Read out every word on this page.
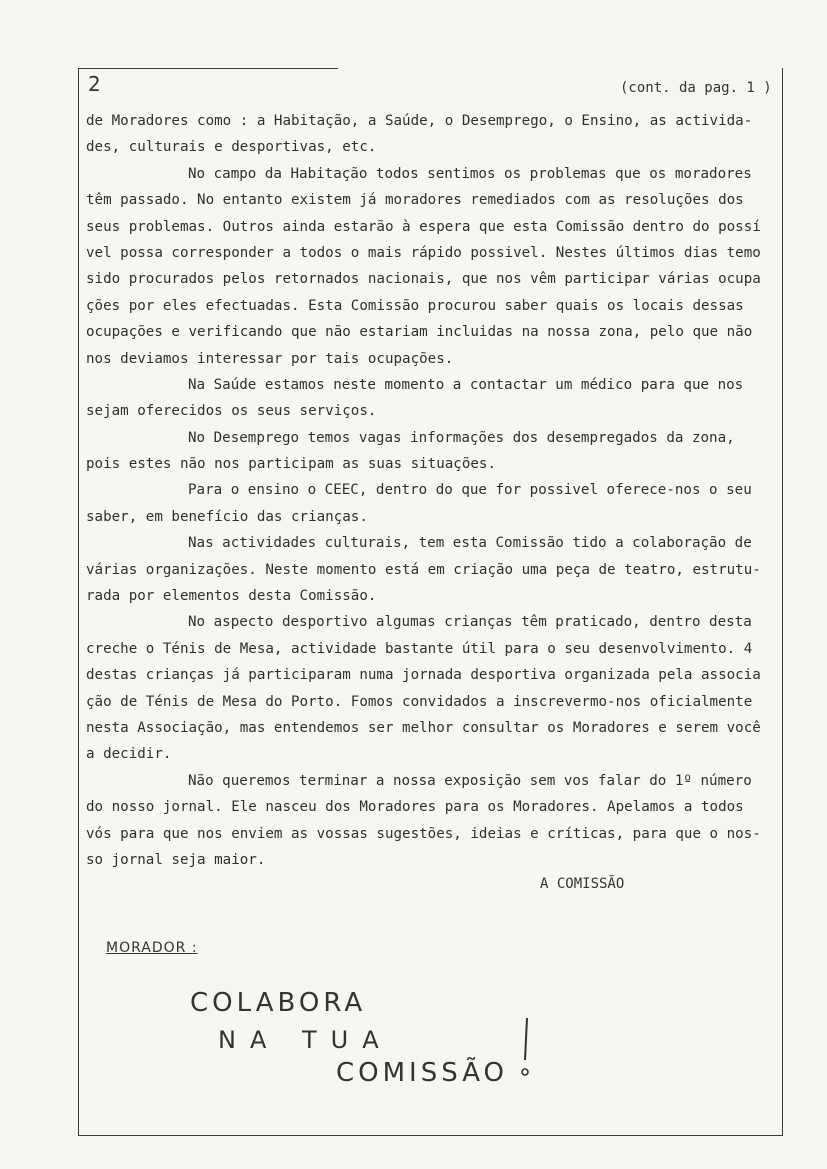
2	(cont. da pag. 1 )
de Moradores como : a Habitação, a Saúde, o Desemprego, o Ensino, as activida-
des, culturais e desportivas, etc.
No campo da Habitação todos sentimos os problemas que os moradores
têm passado. No entanto existem já moradores remediados com as resoluções dos
seus problemas. Outros ainda estarão à espera que esta Comissão dentro do possí
vel possa corresponder a todos o mais rápido possivel. Nestes últimos dias temo
sido procurados pelos retornados nacionais, que nos vêm participar várias ocupa
ções por eles efectuadas. Esta Comissão procurou saber quais os locais dessas
ocupações e verificando que não estariam incluidas na nossa zona, pelo que não
nos deviamos interessar por tais ocupações.
Na Saúde estamos neste momento a contactar um médico para que nos
sejam oferecidos os seus serviços.
No Desemprego temos vagas informações dos desempregados da zona,
pois estes não nos participam as suas situações.
Para o ensino o CEEC, dentro do que for possivel oferece-nos o seu
saber, em benefício das crianças.
Nas actividades culturais, tem esta Comissão tido a colaboração de
várias organizações. Neste momento está em criação uma peça de teatro, estrutu-
rada por elementos desta Comissão.
No aspecto desportivo algumas crianças têm praticado, dentro desta
creche o Ténis de Mesa, actividade bastante útil para o seu desenvolvimento. 4
destas crianças já participaram numa jornada desportiva organizada pela associa
ção de Ténis de Mesa do Porto. Fomos convidados a inscrevermo-nos oficialmente
nesta Associação, mas entendemos ser melhor consultar os Moradores e serem você
a decidir.
Não queremos terminar a nossa exposição sem vos falar do 1º número
do nosso jornal. Ele nasceu dos Moradores para os Moradores. Apelamos a todos
vós para que nos enviem as vossas sugestões, ideias e críticas, para que o nos-
so jornal seja maior.
A COMISSÃO
MORADOR :
COLABORA
NA TUA
COMISSÃO
